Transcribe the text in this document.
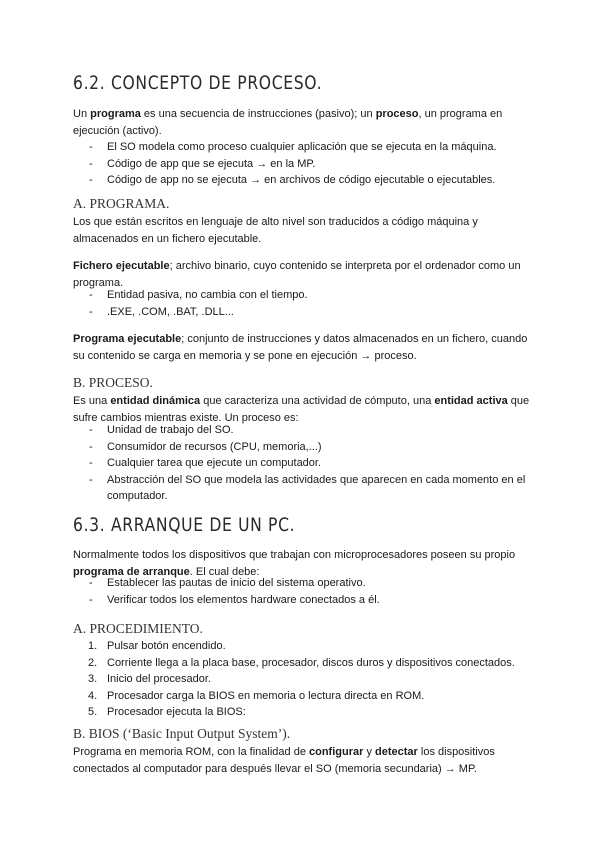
6.2. CONCEPTO DE PROCESO.
Un programa es una secuencia de instrucciones (pasivo); un proceso, un programa en ejecución (activo).
- El SO modela como proceso cualquier aplicación que se ejecuta en la máquina.
- Código de app que se ejecuta → en la MP.
- Código de app no se ejecuta → en archivos de código ejecutable o ejecutables.
A. PROGRAMA.
Los que están escritos en lenguaje de alto nivel son traducidos a código máquina y almacenados en un fichero ejecutable.
Fichero ejecutable; archivo binario, cuyo contenido se interpreta por el ordenador como un programa.
- Entidad pasiva, no cambia con el tiempo.
- .EXE, .COM, .BAT, .DLL...
Programa ejecutable; conjunto de instrucciones y datos almacenados en un fichero, cuando su contenido se carga en memoria y se pone en ejecución → proceso.
B. PROCESO.
Es una entidad dinámica que caracteriza una actividad de cómputo, una entidad activa que sufre cambios mientras existe. Un proceso es:
- Unidad de trabajo del SO.
- Consumidor de recursos (CPU, memoria,...)
- Cualquier tarea que ejecute un computador.
- Abstracción del SO que modela las actividades que aparecen en cada momento en el computador.
6.3. ARRANQUE DE UN PC.
Normalmente todos los dispositivos que trabajan con microprocesadores poseen su propio programa de arranque. El cual debe:
- Establecer las pautas de inicio del sistema operativo.
- Verificar todos los elementos hardware conectados a él.
A. PROCEDIMIENTO.
1. Pulsar botón encendido.
2. Corriente llega a la placa base, procesador, discos duros y dispositivos conectados.
3. Inicio del procesador.
4. Procesador carga la BIOS en memoria o lectura directa en ROM.
5. Procesador ejecuta la BIOS:
B. BIOS (‘Basic Input Output System’).
Programa en memoria ROM, con la finalidad de configurar y detectar los dispositivos conectados al computador para después llevar el SO (memoria secundaria) → MP.
